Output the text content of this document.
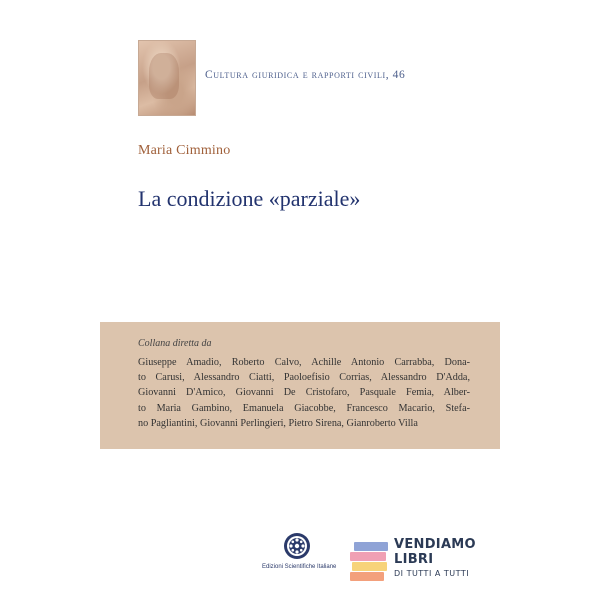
Cultura giuridica e rapporti civili, 46
Maria Cimmino
La condizione «parziale»
Collana diretta da
Giuseppe Amadio, Roberto Calvo, Achille Antonio Carrabba, Dona-
to Carusi, Alessandro Ciatti, Paoloefisio Corrias, Alessandro D'Adda,
Giovanni D'Amico, Giovanni De Cristofaro, Pasquale Femia, Alber-
to Maria Gambino, Emanuela Giacobbe, Francesco Macario, Stefa-
no Pagliantini, Giovanni Perlingieri, Pietro Sirena, Gianroberto Villa
Edizioni Scientifiche Italiane
VENDIAMO
LIBRI
DI TUTTI A TUTTI
